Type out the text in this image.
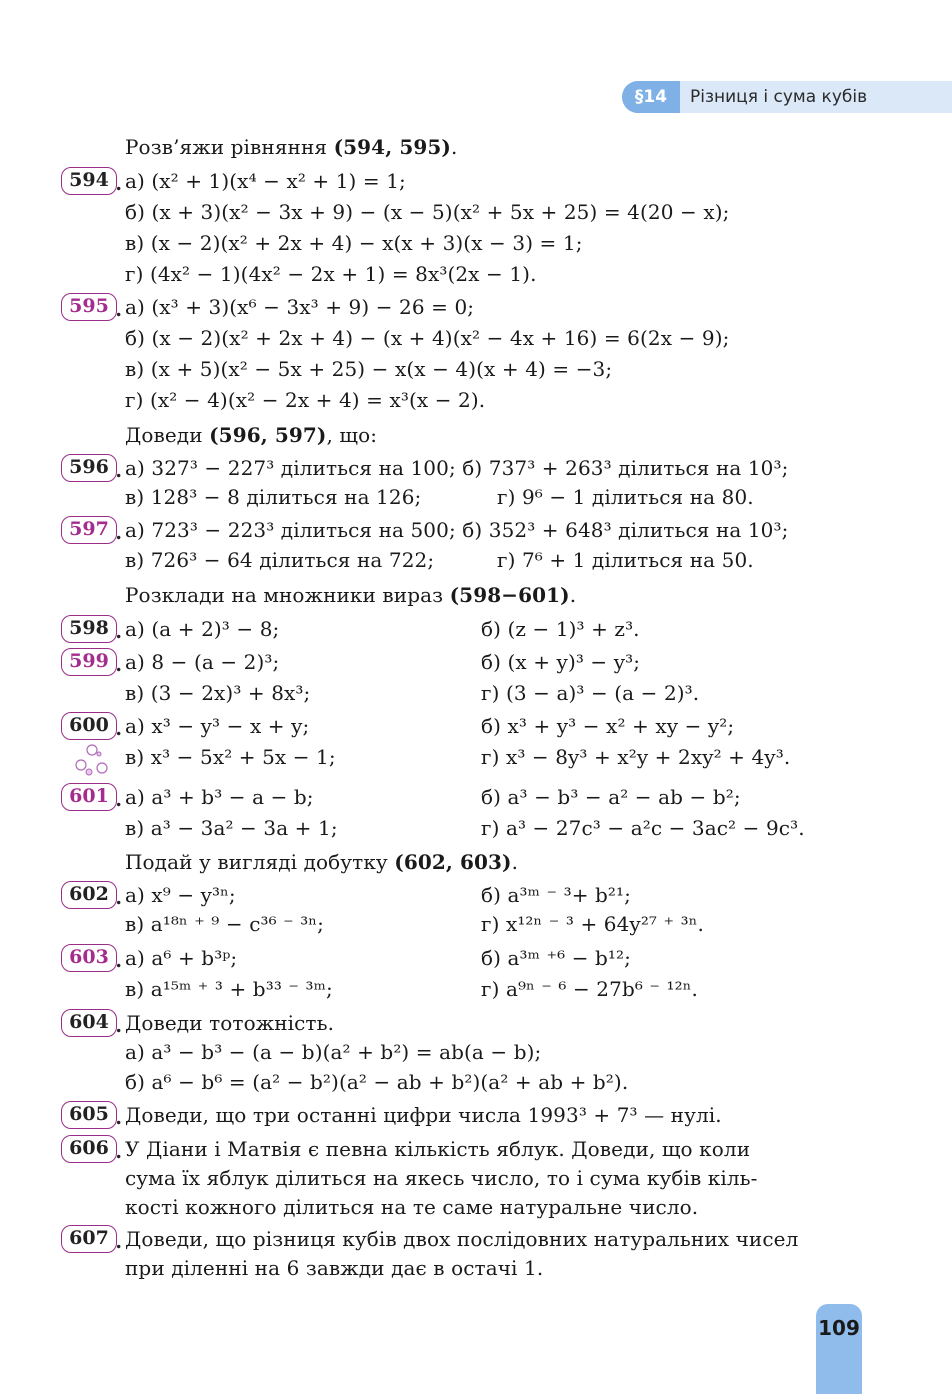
§14	Різниця і сума кубів
Розв’яжи рівняння (594, 595).
а) (x² + 1)(x⁴ − x² + 1) = 1;
б) (x + 3)(x² − 3x + 9) − (x − 5)(x² + 5x + 25) = 4(20 − x);
в) (x − 2)(x² + 2x + 4) − x(x + 3)(x − 3) = 1;
г) (4x² − 1)(4x² − 2x + 1) = 8x³(2x − 1).
а) (x³ + 3)(x⁶ − 3x³ + 9) − 26 = 0;
б) (x − 2)(x² + 2x + 4) − (x + 4)(x² − 4x + 16) = 6(2x − 9);
в) (x + 5)(x² − 5x + 25) − x(x − 4)(x + 4) = −3;
г) (x² − 4)(x² − 2x + 4) = x³(x − 2).
Доведи (596, 597), що:
а) 327³ − 227³ ділиться на 100; б) 737³ + 263³ ділиться на 10³;
в) 128³ − 8 ділиться на 126;	г) 9⁶ − 1 ділиться на 80.
а) 723³ − 223³ ділиться на 500; б) 352³ + 648³ ділиться на 10³;
в) 726³ − 64 ділиться на 722;	г) 7⁶ + 1 ділиться на 50.
Розклади на множники вираз (598−601).
а) (a + 2)³ − 8;	б) (z − 1)³ + z³.
а) 8 − (a − 2)³;	б) (x + y)³ − y³;
в) (3 − 2x)³ + 8x³;	г) (3 − a)³ − (a − 2)³.
а) x³ − y³ − x + y;	б) x³ + y³ − x² + xy − y²;
в) x³ − 5x² + 5x − 1;	г) x³ − 8y³ + x²y + 2xy² + 4y³.
а) a³ + b³ − a − b;	б) a³ − b³ − a² − ab − b²;
в) a³ − 3a² − 3a + 1;	г) a³ − 27c³ − a²c − 3ac² − 9c³.
Подай у вигляді добутку (602, 603).
а) x⁹ − y³ⁿ;	б) a³ᵐ ⁻ ³+ b²¹;
в) a¹⁸ⁿ ⁺ ⁹ − c³⁶ ⁻ ³ⁿ;	г) x¹²ⁿ ⁻ ³ + 64y²⁷ ⁺ ³ⁿ.
а) a⁶ + b³ᵖ;	б) a³ᵐ ⁺⁶ − b¹²;
в) a¹⁵ᵐ ⁺ ³ + b³³ ⁻ ³ᵐ;	г) a⁹ⁿ ⁻ ⁶ − 27b⁶ ⁻ ¹²ⁿ.
Доведи тотожність.
а) a³ − b³ − (a − b)(a² + b²) = ab(a − b);
б) a⁶ − b⁶ = (a² − b²)(a² − ab + b²)(a² + ab + b²).
Доведи, що три останні цифри числа 1993³ + 7³ — нулі.
У Діани і Матвія є певна кількість яблук. Доведи, що коли
сума їх яблук ділиться на якесь число, то і сума кубів кіль-
кості кожного ділиться на те саме натуральне число.
Доведи, що різниця кубів двох послідовних натуральних чисел
при діленні на 6 завжди дає в остачі 1.
594 .
595 .
596 .
597 .
598 .
599 .
600 .
601 .
602 .
603 .
604 .
605 .
606 .
607 .
109
